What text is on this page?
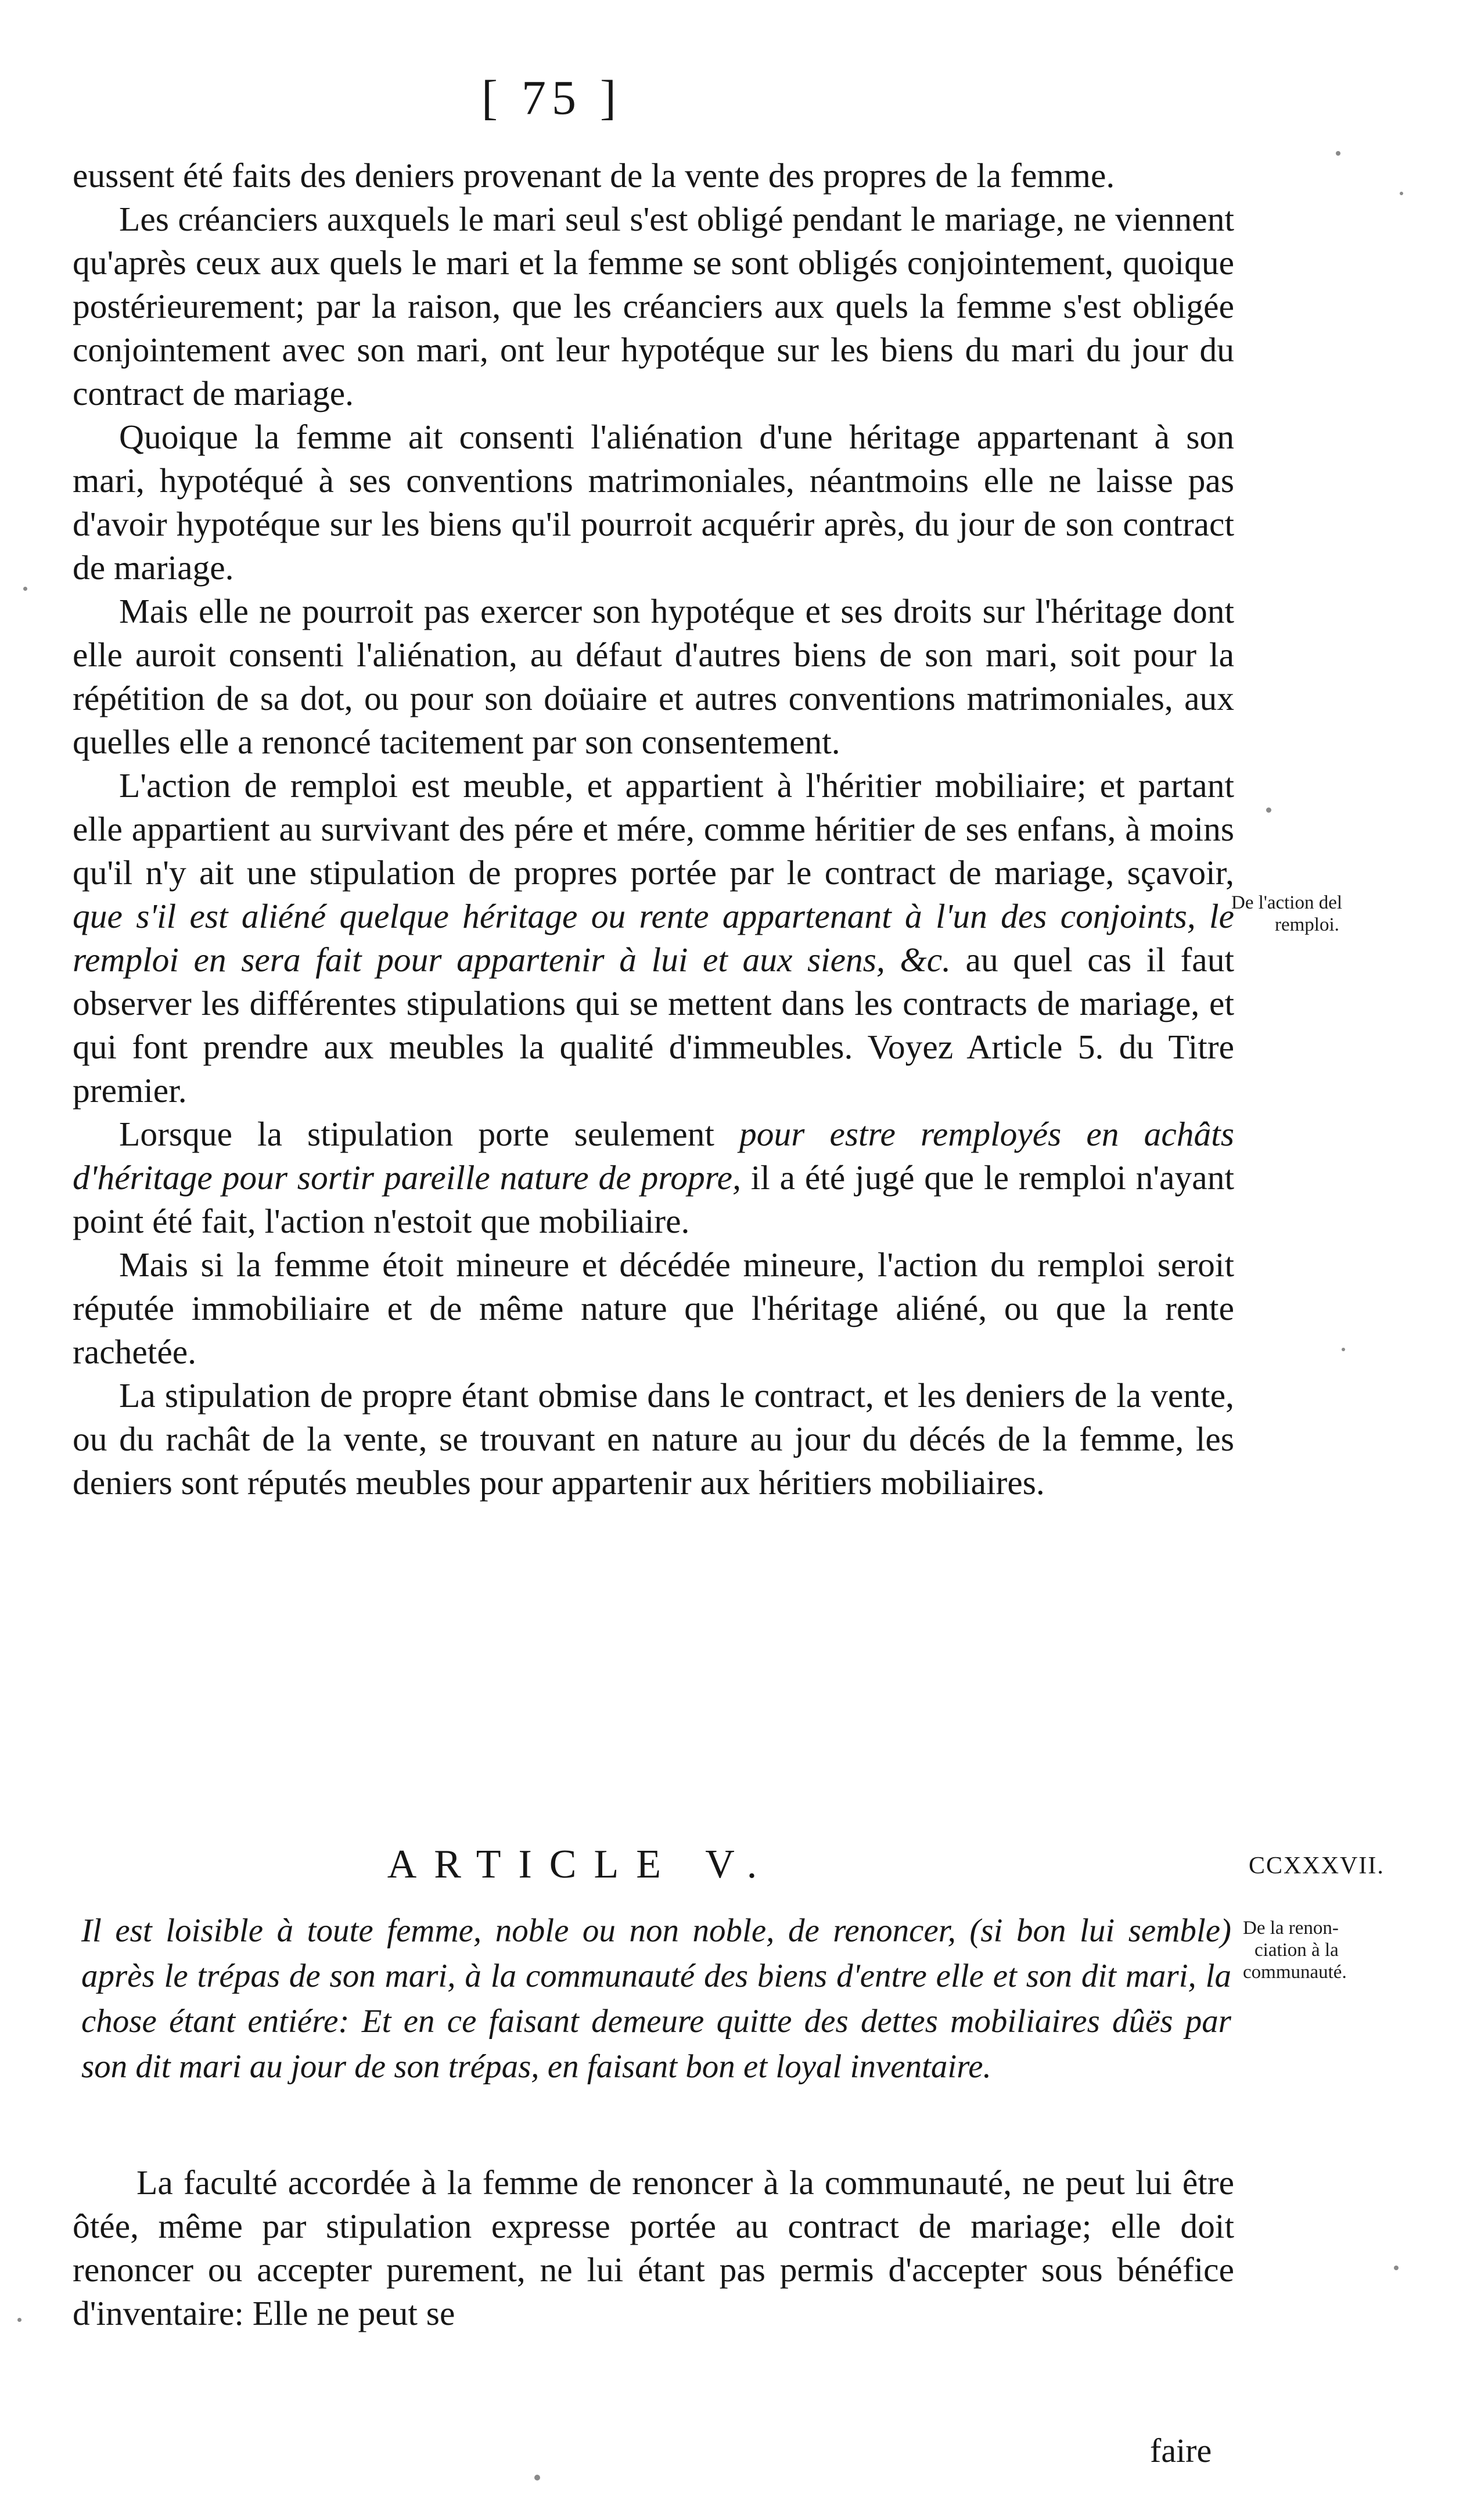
[ 75 ]

eussent été faits des deniers provenant de la vente des propres de la femme.

Les créanciers auxquels le mari seul s'est obligé pendant le mariage, ne viennent qu'après ceux aux quels le mari et la femme se sont obligés conjointement, quoique postérieurement; par la raison, que les créanciers aux quels la femme s'est obligée conjointement avec son mari, ont leur hypotéque sur les biens du mari du jour du contract de mariage.

Quoique la femme ait consenti l'aliénation d'une héritage appartenant à son mari, hypotéqué à ses conventions matrimoniales, néantmoins elle ne laisse pas d'avoir hypotéque sur les biens qu'il pourroit acquérir après, du jour de son contract de mariage.

Mais elle ne pourroit pas exercer son hypotéque et ses droits sur l'héritage dont elle auroit consenti l'aliénation, au défaut d'autres biens de son mari, soit pour la répétition de sa dot, ou pour son doüaire et autres conventions matrimoniales, aux quelles elle a renoncé tacitement par son consentement.

L'action de remploi est meuble, et appartient à l'héritier mobiliaire; et partant elle appartient au survivant des pére et mére, comme héritier de ses enfans, à moins qu'il n'y ait une stipulation de propres portée par le contract de mariage, sçavoir, que s'il est aliéné quelque héritage ou rente appartenant à l'un des conjoints, le remploi en sera fait pour appartenir à lui et aux siens, &c. au quel cas il faut observer les différentes stipulations qui se mettent dans les contracts de mariage, et qui font prendre aux meubles la qualité d'immeubles. Voyez Article 5. du Titre premier.

Lorsque la stipulation porte seulement pour estre remployés en achâts d'héritage pour sortir pareille nature de propre, il a été jugé que le remploi n'ayant point été fait, l'action n'estoit que mobiliaire.

Mais si la femme étoit mineure et décédée mineure, l'action du remploi seroit réputée immobiliaire et de même nature que l'héritage aliéné, ou que la rente rachetée.

La stipulation de propre étant obmise dans le contract, et les deniers de la vente, ou du rachât de la vente, se trouvant en nature au jour du décés de la femme, les deniers sont réputés meubles pour appartenir aux héritiers mobiliaires.

De l'action del
remploi.
ARTICLE V.	CCXXXVII.
De la renon-
ciation à la
communauté.

Il est loisible à toute femme, noble ou non noble, de renoncer, (si bon lui semble) après le trépas de son mari, à la communauté des biens d'entre elle et son dit mari, la chose étant entiére: Et en ce faisant demeure quitte des dettes mobiliaires dûës par son dit mari au jour de son trépas, en faisant bon et loyal inventaire.

La faculté accordée à la femme de renoncer à la communauté, ne peut lui être ôtée, même par stipulation expresse portée au contract de mariage; elle doit renoncer ou accepter purement, ne lui étant pas permis d'accepter sous bénéfice d'inventaire: Elle ne peut se

faire
